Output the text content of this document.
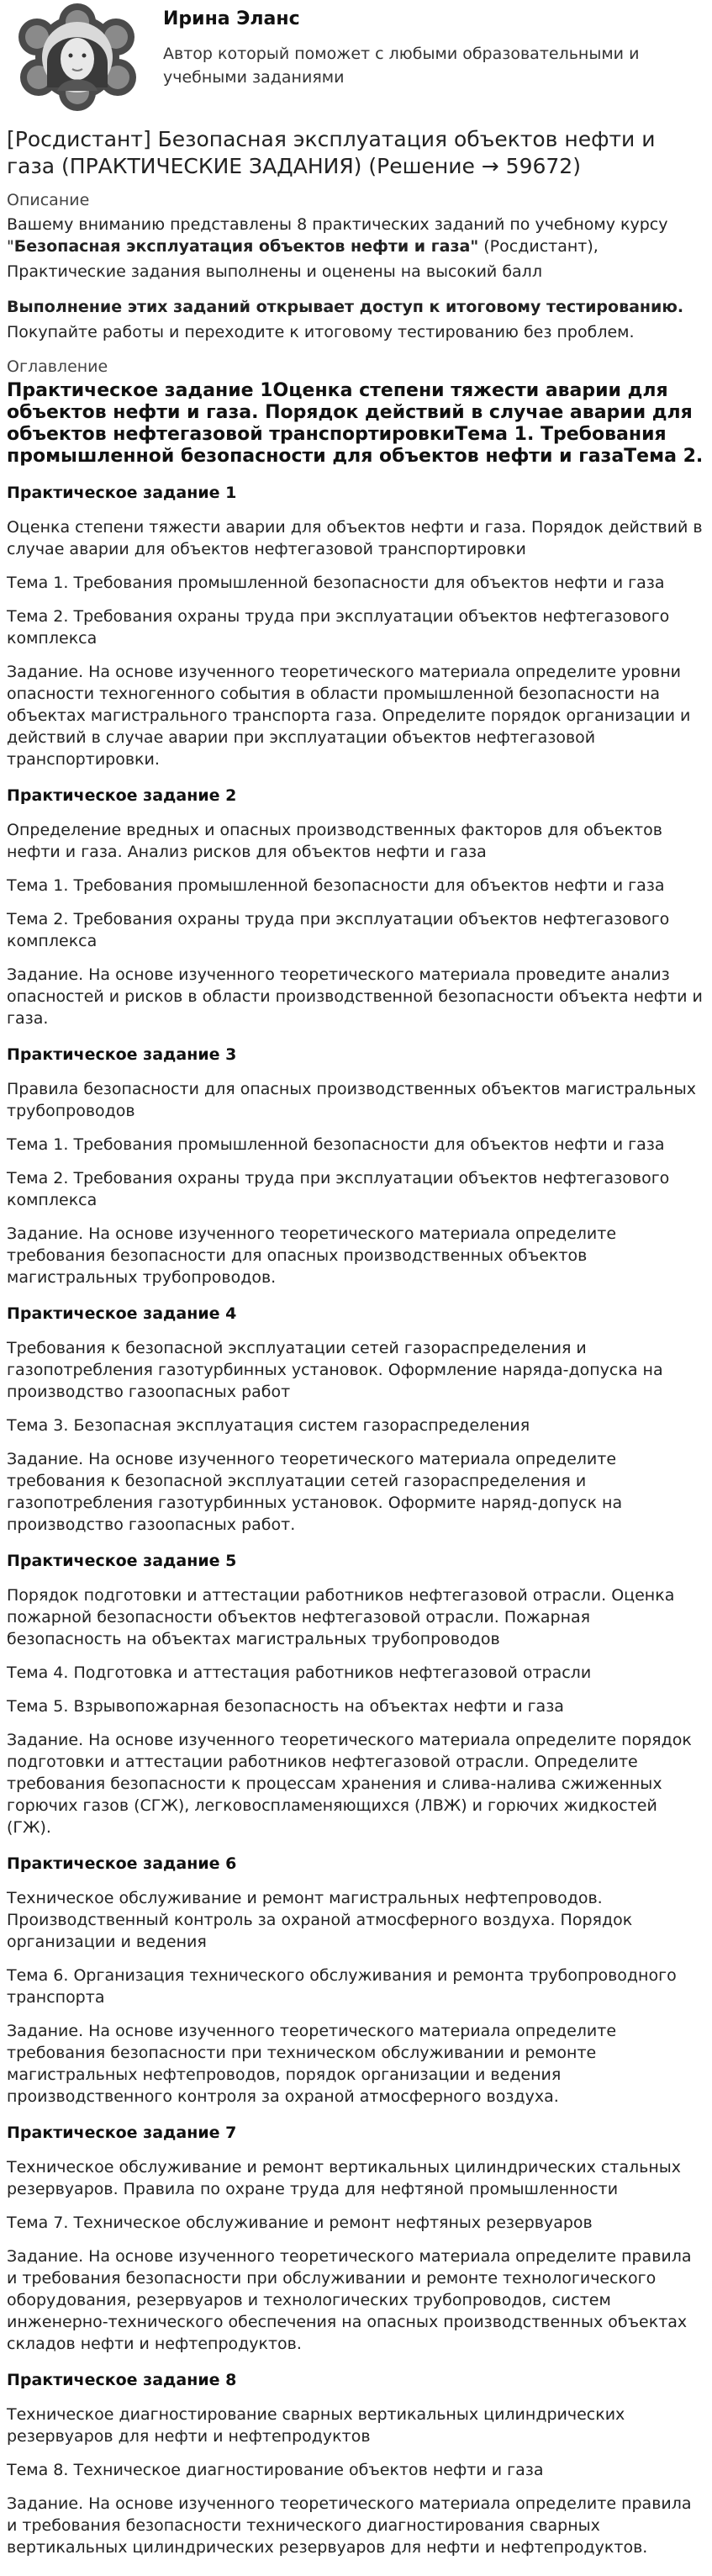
Ирина Эланс
Автор который поможет с любыми образовательными и учебными заданиями
[Росдистант] Безопасная эксплуатация объектов нефти и газа (ПРАКТИЧЕСКИЕ ЗАДАНИЯ) (Решение → 59672)
Описание
Вашему вниманию представлены 8 практических заданий по учебному курсу "Безопасная эксплуатация объектов нефти и газа" (Росдистант),
Практические задания выполнены и оценены на высокий балл
Выполнение этих заданий открывает доступ к итоговому тестированию.
Покупайте работы и переходите к итоговому тестированию без проблем.
Оглавление
Практическое задание 1Оценка степени тяжести аварии для объектов нефти и газа. Порядок действий в случае аварии для объектов нефтегазовой транспортировкиТема 1. Требования промышленной безопасности для объектов нефти и газаТема 2.
Практическое задание 1
Оценка степени тяжести аварии для объектов нефти и газа. Порядок действий в случае аварии для объектов нефтегазовой транспортировки
Тема 1. Требования промышленной безопасности для объектов нефти и газа
Тема 2. Требования охраны труда при эксплуатации объектов нефтегазового комплекса
Задание. На основе изученного теоретического материала определите уровни опасности техногенного события в области промышленной безопасности на объектах магистрального транспорта газа. Определите порядок организации и действий в случае аварии при эксплуатации объектов нефтегазовой транспортировки.
Практическое задание 2
Определение вредных и опасных производственных факторов для объектов нефти и газа. Анализ рисков для объектов нефти и газа
Тема 1. Требования промышленной безопасности для объектов нефти и газа
Тема 2. Требования охраны труда при эксплуатации объектов нефтегазового комплекса
Задание. На основе изученного теоретического материала проведите анализ опасностей и рисков в области производственной безопасности объекта нефти и газа.
Практическое задание 3
Правила безопасности для опасных производственных объектов магистральных трубопроводов
Тема 1. Требования промышленной безопасности для объектов нефти и газа
Тема 2. Требования охраны труда при эксплуатации объектов нефтегазового комплекса
Задание. На основе изученного теоретического материала определите требования безопасности для опасных производственных объектов магистральных трубопроводов.
Практическое задание 4
Требования к безопасной эксплуатации сетей газораспределения и газопотребления газотурбинных установок. Оформление наряда-допуска на производство газоопасных работ
Тема 3. Безопасная эксплуатация систем газораспределения
Задание. На основе изученного теоретического материала определите требования к безопасной эксплуатации сетей газораспределения и газопотребления газотурбинных установок. Оформите наряд-допуск на производство газоопасных работ.
Практическое задание 5
Порядок подготовки и аттестации работников нефтегазовой отрасли. Оценка пожарной безопасности объектов нефтегазовой отрасли. Пожарная безопасность на объектах магистральных трубопроводов
Тема 4. Подготовка и аттестация работников нефтегазовой отрасли
Тема 5. Взрывопожарная безопасность на объектах нефти и газа
Задание. На основе изученного теоретического материала определите порядок подготовки и аттестации работников нефтегазовой отрасли. Определите требования безопасности к процессам хранения и слива-налива сжиженных горючих газов (СГЖ), легковоспламеняющихся (ЛВЖ) и горючих жидкостей (ГЖ).
Практическое задание 6
Техническое обслуживание и ремонт магистральных нефтепроводов. Производственный контроль за охраной атмосферного воздуха. Порядок организации и ведения
Тема 6. Организация технического обслуживания и ремонта трубопроводного транспорта
Задание. На основе изученного теоретического материала определите требования безопасности при техническом обслуживании и ремонте магистральных нефтепроводов, порядок организации и ведения производственного контроля за охраной атмосферного воздуха.
Практическое задание 7
Техническое обслуживание и ремонт вертикальных цилиндрических стальных резервуаров. Правила по охране труда для нефтяной промышленности
Тема 7. Техническое обслуживание и ремонт нефтяных резервуаров
Задание. На основе изученного теоретического материала определите правила и требования безопасности при обслуживании и ремонте технологического оборудования, резервуаров и технологических трубопроводов, систем инженерно-технического обеспечения на опасных производственных объектах складов нефти и нефтепродуктов.
Практическое задание 8
Техническое диагностирование сварных вертикальных цилиндрических резервуаров для нефти и нефтепродуктов
Тема 8. Техническое диагностирование объектов нефти и газа
Задание. На основе изученного теоретического материала определите правила и требования безопасности технического диагностирования сварных вертикальных цилиндрических резервуаров для нефти и нефтепродуктов.
